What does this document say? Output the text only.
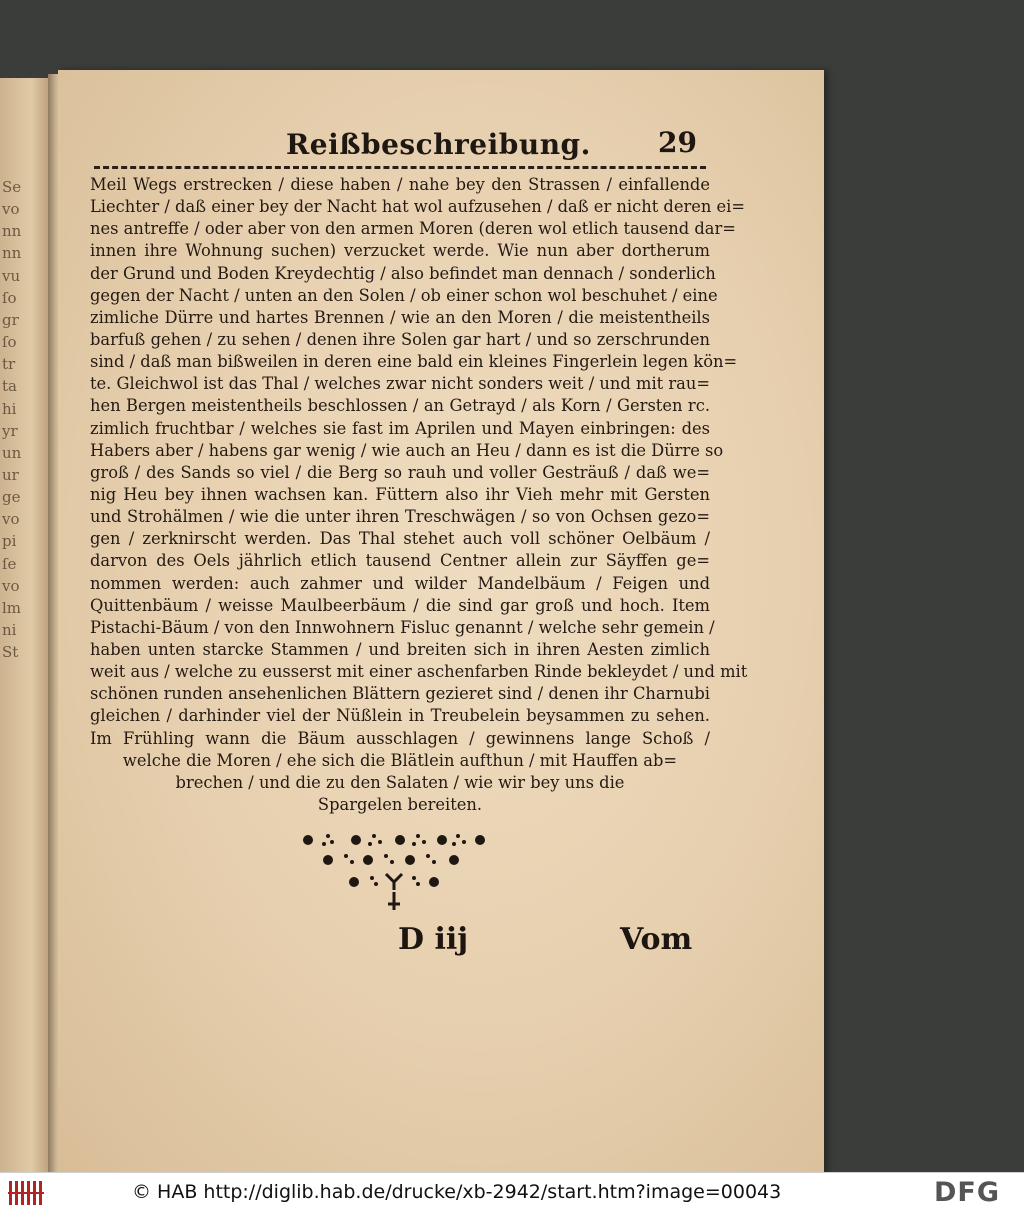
Se
vo
nn
nn
vu
ſo
gr
ſo
tr
ta
hi
yr
un
ur
ge
vo
pi
ſe
vo
lm
ni
St
Reißbeschreibung. 29
Meil Wegs erstrecken / diese haben / nahe bey den Strassen / einfallende
Liechter / daß einer bey der Nacht hat wol aufzusehen / daß er nicht deren ei=
nes antreffe / oder aber von den armen Moren (deren wol etlich tausend dar=
innen ihre Wohnung suchen) verzucket werde. Wie nun aber dortherum
der Grund und Boden Kreydechtig / also befindet man dennach / sonderlich
gegen der Nacht / unten an den Solen / ob einer schon wol beschuhet / eine
zimliche Dürre und hartes Brennen / wie an den Moren / die meistentheils
barfuß gehen / zu sehen / denen ihre Solen gar hart / und so zerschrunden
sind / daß man bißweilen in deren eine bald ein kleines Fingerlein legen kön=
te. Gleichwol ist das Thal / welches zwar nicht sonders weit / und mit rau=
hen Bergen meistentheils beschlossen / an Getrayd / als Korn / Gersten rc.
zimlich fruchtbar / welches sie fast im Aprilen und Mayen einbringen: des
Habers aber / habens gar wenig / wie auch an Heu / dann es ist die Dürre so
groß / des Sands so viel / die Berg so rauh und voller Gesträuß / daß we=
nig Heu bey ihnen wachsen kan. Füttern also ihr Vieh mehr mit Gersten
und Strohälmen / wie die unter ihren Treschwägen / so von Ochsen gezo=
gen / zerknirscht werden. Das Thal stehet auch voll schöner Oelbäum /
darvon des Oels jährlich etlich tausend Centner allein zur Säyffen ge=
nommen werden: auch zahmer und wilder Mandelbäum / Feigen und
Quittenbäum / weisse Maulbeerbäum / die sind gar groß und hoch. Item
Pistachi-Bäum / von den Innwohnern Fisluc genannt / welche sehr gemein /
haben unten starcke Stammen / und breiten sich in ihren Aesten zimlich
weit aus / welche zu eusserst mit einer aschenfarben Rinde bekleydet / und mit
schönen runden ansehenlichen Blättern gezieret sind / denen ihr Charnubi
gleichen / darhinder viel der Nüßlein in Treubelein beysammen zu sehen.
Im Frühling wann die Bäum ausschlagen / gewinnens lange Schoß /
welche die Moren / ehe sich die Blätlein aufthun / mit Hauffen ab=
brechen / und die zu den Salaten / wie wir bey uns die
Spargelen bereiten.
D iij	Vom
© HAB http://diglib.hab.de/drucke/xb-2942/start.htm?image=00043	DFG
